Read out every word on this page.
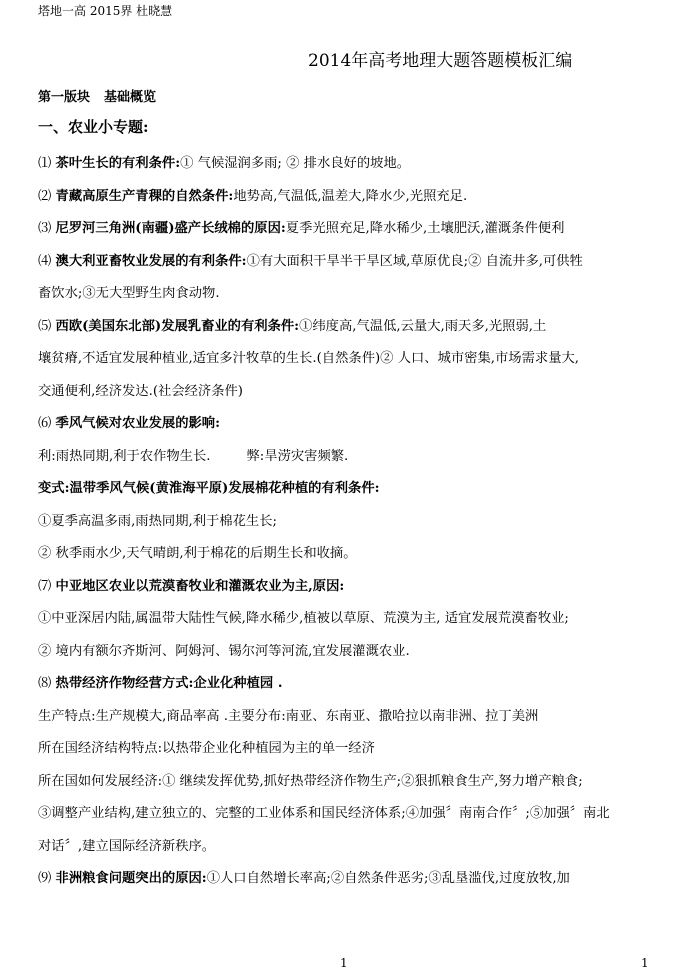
塔地一高 2015界 杜晓慧
2014年高考地理大题答题模板汇编
第一版块 基础概览
一、农业小专题:
⑴ 茶叶生长的有利条件:① 气候湿润多雨; ② 排水良好的坡地。
⑵ 青藏高原生产青稞的自然条件:地势高,气温低,温差大,降水少,光照充足.
⑶ 尼罗河三角洲(南疆)盛产长绒棉的原因:夏季光照充足,降水稀少,土壤肥沃,灌溉条件便利
⑷ 澳大利亚畜牧业发展的有利条件:①有大面积干旱半干旱区域,草原优良;② 自流井多,可供牲
畜饮水;③无大型野生肉食动物.
⑸ 西欧(美国东北部)发展乳畜业的有利条件:①纬度高,气温低,云量大,雨天多,光照弱,土
壤贫瘠,不适宜发展种植业,适宜多汁牧草的生长.(自然条件)② 人口、城市密集,市场需求量大,
交通便利,经济发达.(社会经济条件)
⑹ 季风气候对农业发展的影响:
利:雨热同期,利于农作物生长.	弊:旱涝灾害频繁.
变式:温带季风气候(黄淮海平原)发展棉花种植的有利条件:
①夏季高温多雨,雨热同期,利于棉花生长;
② 秋季雨水少,天气晴朗,利于棉花的后期生长和收摘。
⑺ 中亚地区农业以荒漠畜牧业和灌溉农业为主,原因:
①中亚深居内陆,属温带大陆性气候,降水稀少,植被以草原、荒漠为主, 适宜发展荒漠畜牧业;
② 境内有额尔齐斯河、阿姆河、锡尔河等河流,宜发展灌溉农业.
⑻ 热带经济作物经营方式:企业化种植园 .
生产特点:生产规模大,商品率高 .主要分布:南亚、东南亚、撒哈拉以南非洲、拉丁美洲
所在国经济结构特点:以热带企业化种植园为主的单一经济
所在国如何发展经济:① 继续发挥优势,抓好热带经济作物生产;②狠抓粮食生产,努力增产粮食;
③调整产业结构,建立独立的、完整的工业体系和国民经济体系;④加强〞南南合作〞;⑤加强〞南北
对话〞,建立国际经济新秩序。
⑼ 非洲粮食问题突出的原因:①人口自然增长率高;②自然条件恶劣;③乱垦滥伐,过度放牧,加
1	1
